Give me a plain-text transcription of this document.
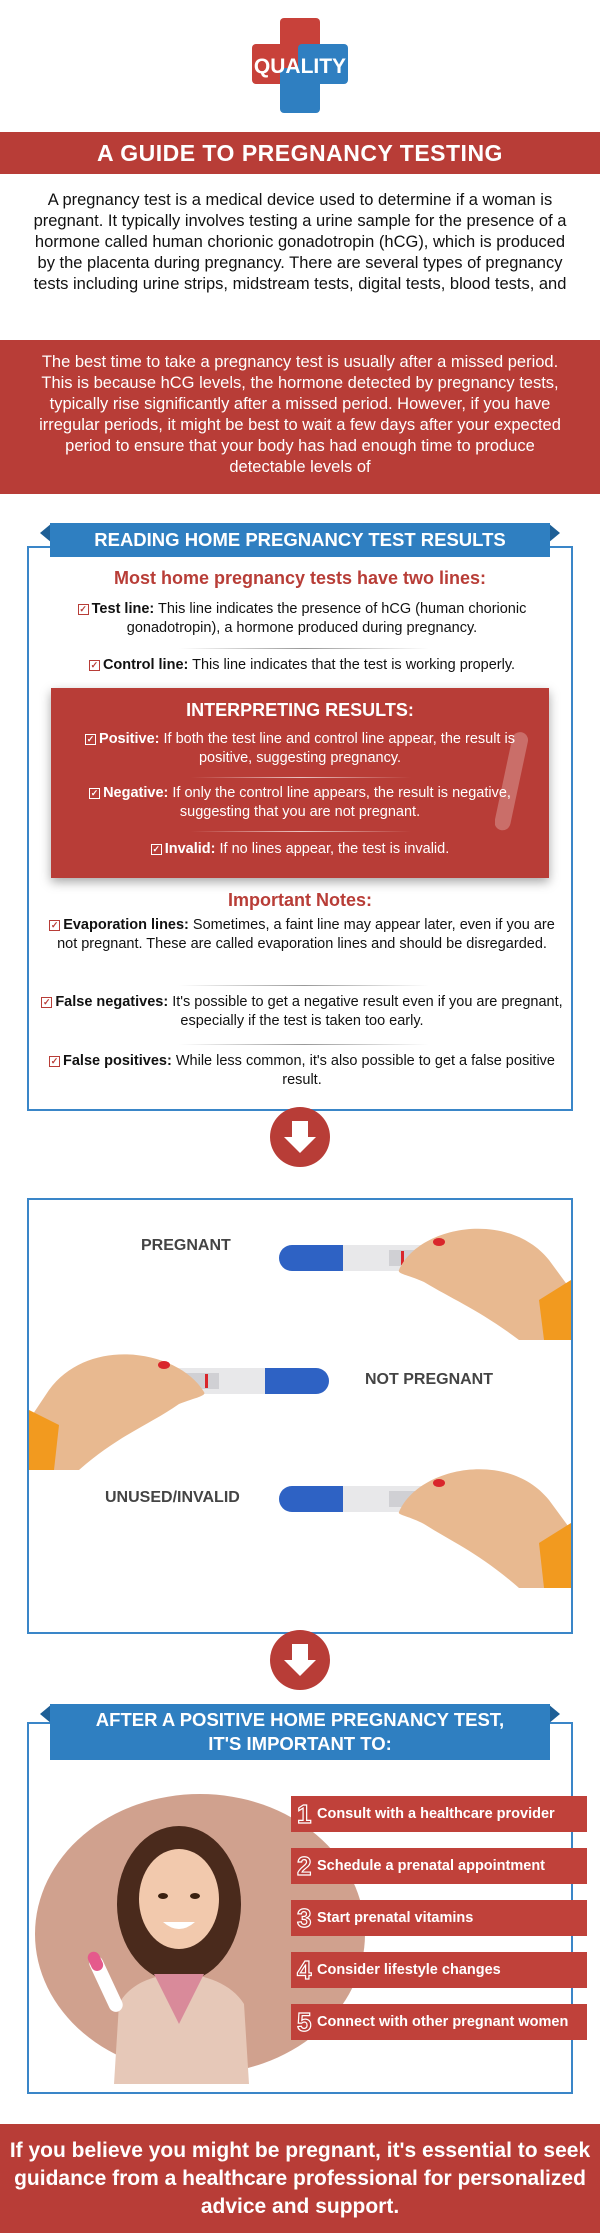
QUALITY
A GUIDE TO PREGNANCY TESTING
A pregnancy test is a medical device used to determine if a woman is pregnant. It typically involves testing a urine sample for the presence of a hormone called human chorionic gonadotropin (hCG), which is produced by the placenta during pregnancy. There are several types of pregnancy tests including urine strips, midstream tests, digital tests, blood tests, and

The best time to take a pregnancy test is usually after a missed period. This is because hCG levels, the hormone detected by pregnancy tests, typically rise significantly after a missed period. However, if you have irregular periods, it might be best to wait a few days after your expected period to ensure that your body has had enough time to produce detectable levels of

Most home pregnancy tests have two lines:
✓ Test line: This line indicates the presence of hCG (human chorionic gonadotropin), a hormone produced during pregnancy.
✓ Control line: This line indicates that the test is working properly.
INTERPRETING RESULTS:
✓ Positive: If both the test line and control line appear, the result is positive, suggesting pregnancy.
✓ Negative: If only the control line appears, the result is negative, suggesting that you are not pregnant.
✓ Invalid: If no lines appear, the test is invalid.
Important Notes:
✓ Evaporation lines: Sometimes, a faint line may appear later, even if you are not pregnant. These are called evaporation lines and should be disregarded.
✓ False negatives: It's possible to get a negative result even if you are pregnant, especially if the test is taken too early.
✓ False positives: While less common, it's also possible to get a false positive result.
READING HOME PREGNANCY TEST RESULTS
PREGNANT
NOT PREGNANT
UNUSED/INVALID
1 Consult with a healthcare provider
2 Schedule a prenatal appointment
3 Start prenatal vitamins
4 Consider lifestyle changes
5 Connect with other pregnant women
AFTER A POSITIVE HOME PREGNANCY TEST,
IT'S IMPORTANT TO:
If you believe you might be pregnant, it's essential to seek guidance from a healthcare professional for personalized advice and support.
